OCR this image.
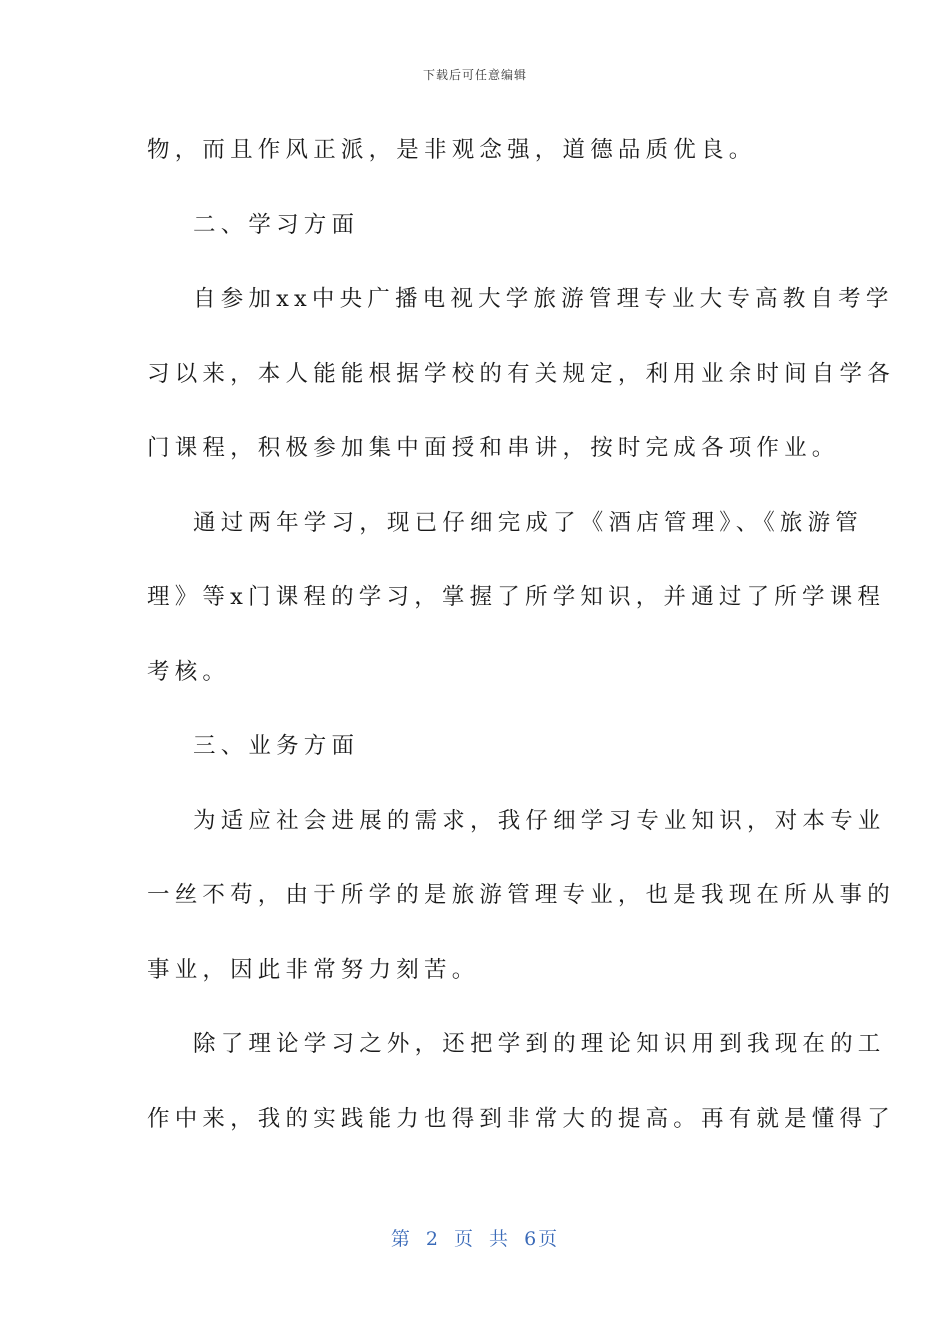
下载后可任意编辑
物，而且作风正派，是非观念强，道德品质优良。
二、学习方面
自参加xx中央广播电视大学旅游管理专业大专高教自考学
习以来，本人能能根据学校的有关规定，利用业余时间自学各
门课程，积极参加集中面授和串讲，按时完成各项作业。
通过两年学习，现已仔细完成了《酒店管理》、《旅游管
理》等x门课程的学习，掌握了所学知识，并通过了所学课程
考核。
三、业务方面
为适应社会进展的需求，我仔细学习专业知识，对本专业
一丝不苟，由于所学的是旅游管理专业，也是我现在所从事的
事业，因此非常努力刻苦。
除了理论学习之外，还把学到的理论知识用到我现在的工
作中来，我的实践能力也得到非常大的提高。再有就是懂得了
第 2 页 共 6页
